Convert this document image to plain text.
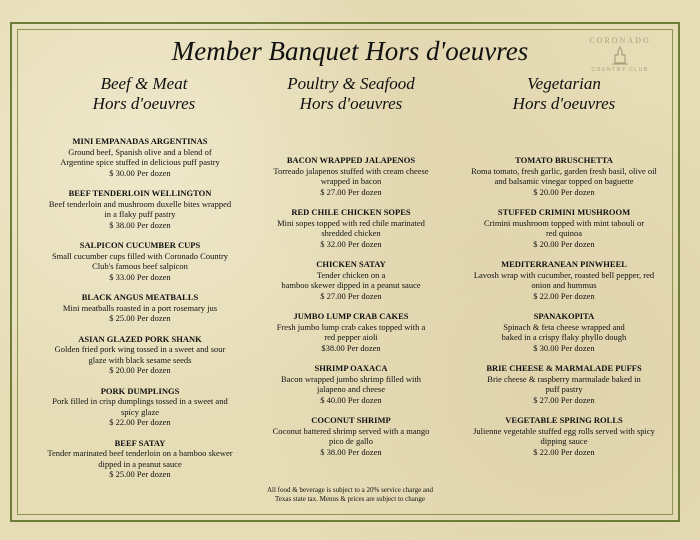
Member Banquet Hors d'oeuvres	CORONADO
COUNTRY CLUB
Beef & Meat
Hors d'oeuvres
Poultry & Seafood
Hors d'oeuvres
Vegetarian
Hors d'oeuvres
MINI EMPANADAS ARGENTINAS
Ground beef, Spanish olive and a blend of
Argentine spice stuffed in delicious puff pastry
$ 30.00 Per dozen
BEEF TENDERLOIN WELLINGTON
Beef tenderloin and mushroom duxelle bites wrapped
in a flaky puff pastry
$ 38.00 Per dozen
SALPICON CUCUMBER CUPS
Small cucumber cups filled with Coronado Country
Club's famous beef salpicon
$ 33.00 Per dozen
BLACK ANGUS MEATBALLS
Mini meatballs roasted in a port rosemary jus
$ 25.00 Per dozen
ASIAN GLAZED PORK SHANK
Golden fried pork wing tossed in a sweet and sour
glaze with black sesame seeds
$ 20.00 Per dozen
PORK DUMPLINGS
Pork filled in crisp dumplings tossed in a sweet and
spicy glaze
$ 22.00 Per dozen
BEEF SATAY
Tender marinated beef tenderloin on a bamboo skewer
dipped in a peanut sauce
$ 25.00 Per dozen
BACON WRAPPED JALAPENOS
Torreado jalapenos stuffed with cream cheese
wrapped in bacon
$ 27.00 Per dozen
RED CHILE CHICKEN SOPES
Mini sopes topped with red chile marinated
shredded chicken
$ 32.00 Per dozen
CHICKEN SATAY
Tender chicken on a
bamboo skewer dipped in a peanut sauce
$ 27.00 Per dozen
JUMBO LUMP CRAB CAKES
Fresh jumbo lump crab cakes topped with a
red pepper aioli
$38.00 Per dozen
SHRIMP OAXACA
Bacon wrapped jumbo shrimp filled with
jalapeno and cheese
$ 40.00 Per dozen
COCONUT SHRIMP
Coconut battered shrimp served with a mango
pico de gallo
$ 38.00 Per dozen
TOMATO BRUSCHETTA
Roma tomato, fresh garlic, garden fresh basil, olive oil
and balsamic vinegar topped on baguette
$ 20.00 Per dozen
STUFFED CRIMINI MUSHROOM
Crimini mushroom topped with mint tabouli or
red quinoa
$ 20.00 Per dozen
MEDITERRANEAN PINWHEEL
Lavosh wrap with cucumber, roasted bell pepper, red
onion and hummus
$ 22.00 Per dozen
SPANAKOPITA
Spinach & feta cheese wrapped and
baked in a crispy flaky phyllo dough
$ 30.00 Per dozen
BRIE CHEESE & MARMALADE PUFFS
Brie cheese & raspberry marmalade baked in
puff pastry
$ 27.00 Per dozen
VEGETABLE SPRING ROLLS
Julienne vegetable stuffed egg rolls served with spicy
dipping sauce
$ 22.00 Per dozen
All food & beverage is subject to a 20% service charge and
Texas state tax. Menus & prices are subject to change
